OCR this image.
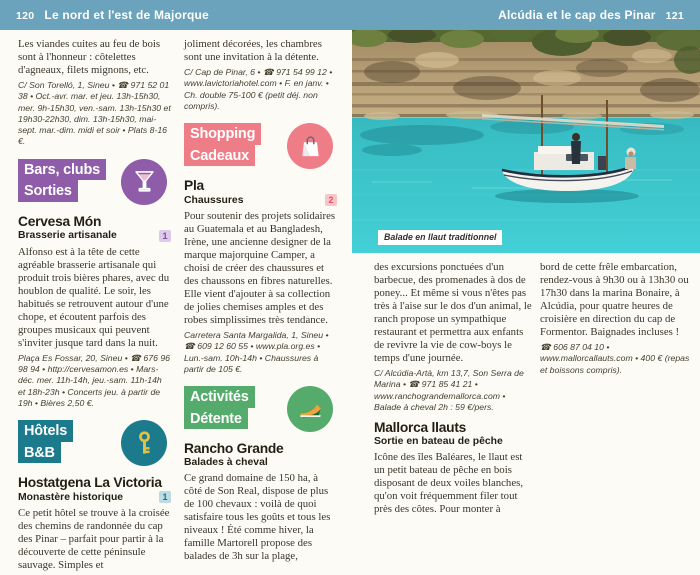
120 Le nord et l'est de Majorque	Alcúdia et le cap des Pinar 121

Les viandes cuites au feu de bois sont à l'honneur : côtelettes d'agneaux, filets mignons, etc.

C/ Son Torelló, 1, Sineu • ☎ 971 52 01 38 • Oct.-avr. mar. et jeu. 13h-15h30, mer. 9h-15h30, ven.-sam. 13h-15h30 et 19h30-22h30, dim. 13h-15h30, mai-sept. mar.-dim. midi et soir • Plats 8-16 €.

Bars, clubs
Sorties
Cervesa Món
Brasserie artisanale	1

Alfonso est à la tête de cette agréable brasserie artisanale qui produit trois bières phares, avec du houblon de qualité. Le soir, les habitués se retrouvent autour d'une chope, et écoutent parfois des groupes musicaux qui peuvent s'inviter jusque tard dans la nuit.

Plaça Es Fossar, 20, Sineu • ☎ 676 96 98 94 • http://cervesamon.es • Mars-déc. mer. 11h-14h, jeu.-sam. 11h-14h et 18h-23h • Concerts jeu. à partir de 19h • Bières 2,50 €.

Hôtels
B&B
Hostatgena La Victoria
Monastère historique	1

Ce petit hôtel se trouve à la croisée des chemins de randonnée du cap des Pinar – parfait pour partir à la découverte de cette péninsule sauvage. Simples et

joliment décorées, les chambres sont une invitation à la détente.

C/ Cap de Pinar, 6 • ☎ 971 54 99 12 • www.lavictoriahotel.com • F. en janv. • Ch. double 75-100 € (petit déj. non compris).

Shopping
Cadeaux
Pla
Chaussures	2

Pour soutenir des projets solidaires au Guatemala et au Bangladesh, Irène, une ancienne designer de la marque majorquine Camper, a choisi de créer des chaussures et des chaussons en fibres naturelles. Elle vient d'ajouter à sa collection de jolies chemises amples et des robes simplissimes très tendance.

Carretera Santa Margalida, 1, Sineu • ☎ 609 12 60 55 • www.pla.org.es • Lun.-sam. 10h-14h • Chaussures à partir de 105 €.

Activités
Détente
Rancho Grande
Balades à cheval

Ce grand domaine de 150 ha, à côté de Son Real, dispose de plus de 100 chevaux : voilà de quoi satisfaire tous les goûts et tous les niveaux ! Été comme hiver, la famille Martorell propose des balades de 3h sur la plage,

Balade en llaut traditionnel

des excursions ponctuées d'un barbecue, des promenades à dos de poney... Et même si vous n'êtes pas très à l'aise sur le dos d'un animal, le ranch propose un sympathique restaurant et permettra aux enfants de revivre la vie de cow-boys le temps d'une journée.

C/ Alcúdia-Artà, km 13,7, Son Serra de Marina • ☎ 971 85 41 21 • www.ranchograndemallorca.com • Balade à cheval 2h : 59 €/pers.

Mallorca llauts
Sortie en bateau de pêche

Icône des îles Baléares, le llaut est un petit bateau de pêche en bois disposant de deux voiles blanches, qu'on voit fréquemment filer tout près des côtes. Pour monter à

bord de cette frêle embarcation, rendez-vous à 9h30 ou à 13h30 ou 17h30 dans la marina Bonaire, à Alcúdia, pour quatre heures de croisière en direction du cap de Formentor. Baignades incluses !

☎ 606 87 04 10 • www.mallorcallauts.com • 400 € (repas et boissons compris).
